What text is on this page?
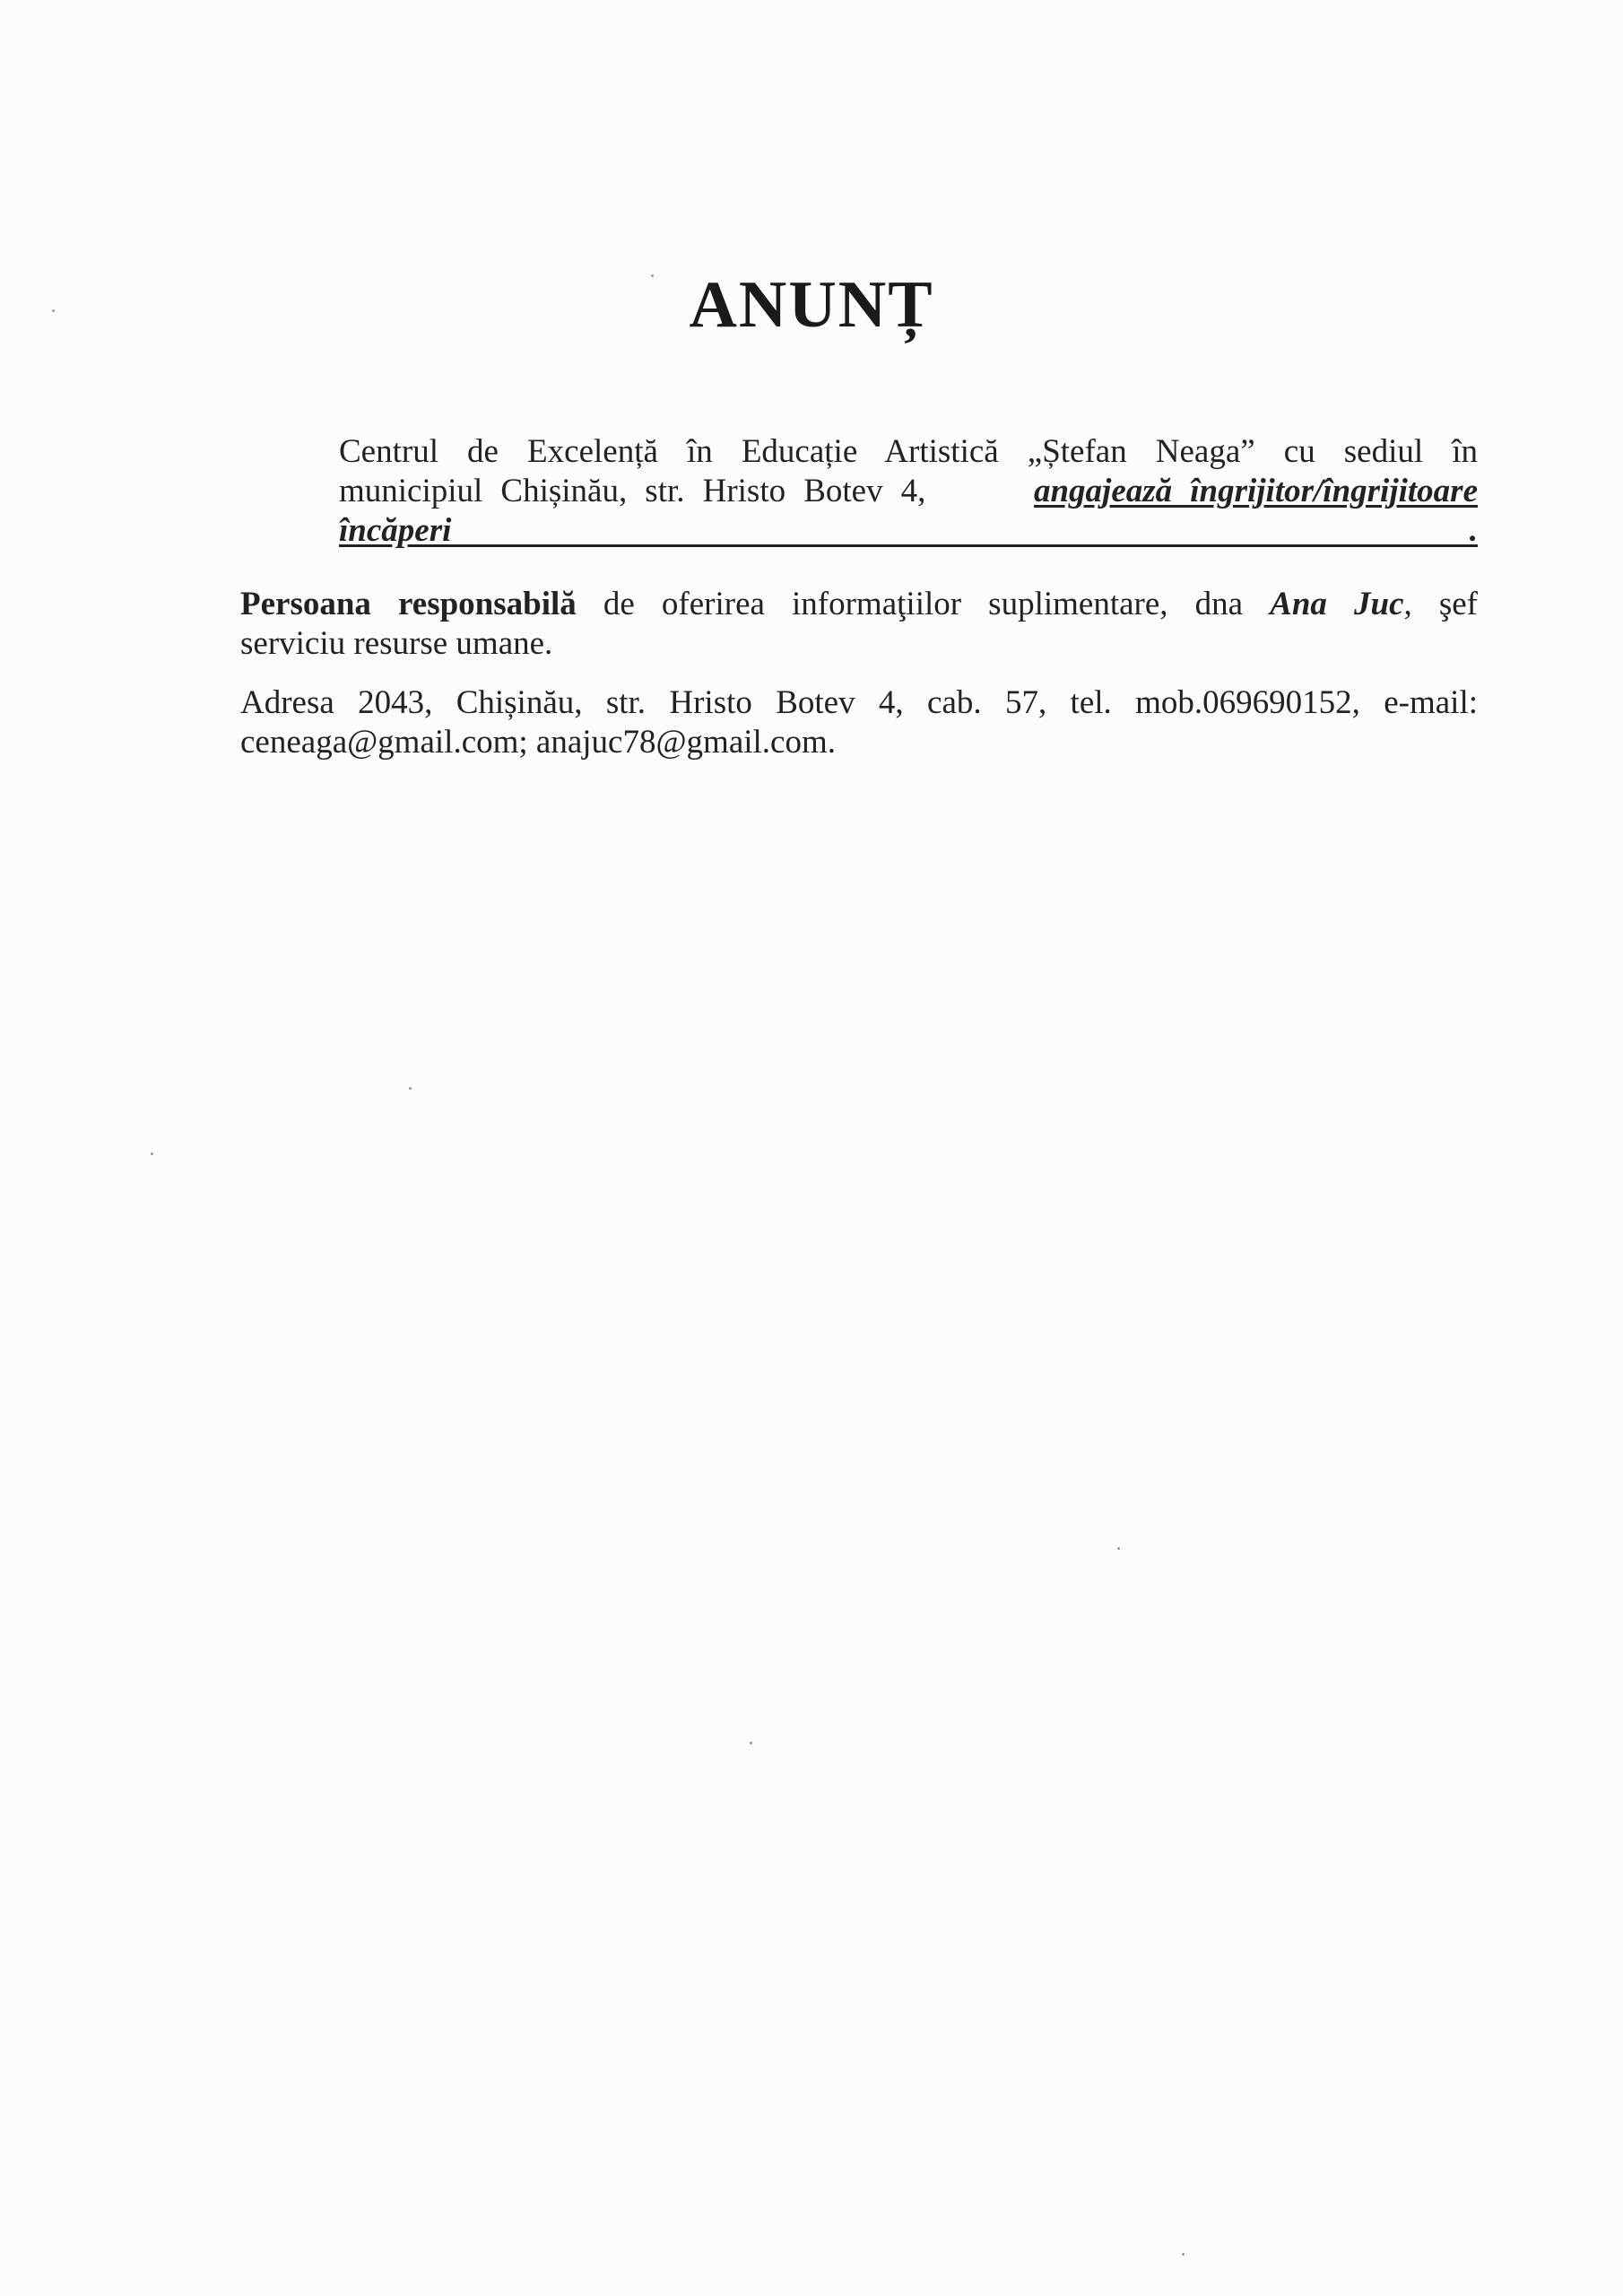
ANUNȚ
Centrul de Excelență în Educație Artistică „Ștefan Neaga” cu sediul în
municipiul Chișinău, str. Hristo Botev 4,	angajează îngrijitor/îngrijitoare
încăperi .
Persoana responsabilă de oferirea informaţiilor suplimentare, dna Ana Juc, şef
serviciu resurse umane.
Adresa 2043, Chișinău, str. Hristo Botev 4, cab. 57, tel. mob.069690152, e-mail:
ceneaga@gmail.com; anajuc78@gmail.com.
